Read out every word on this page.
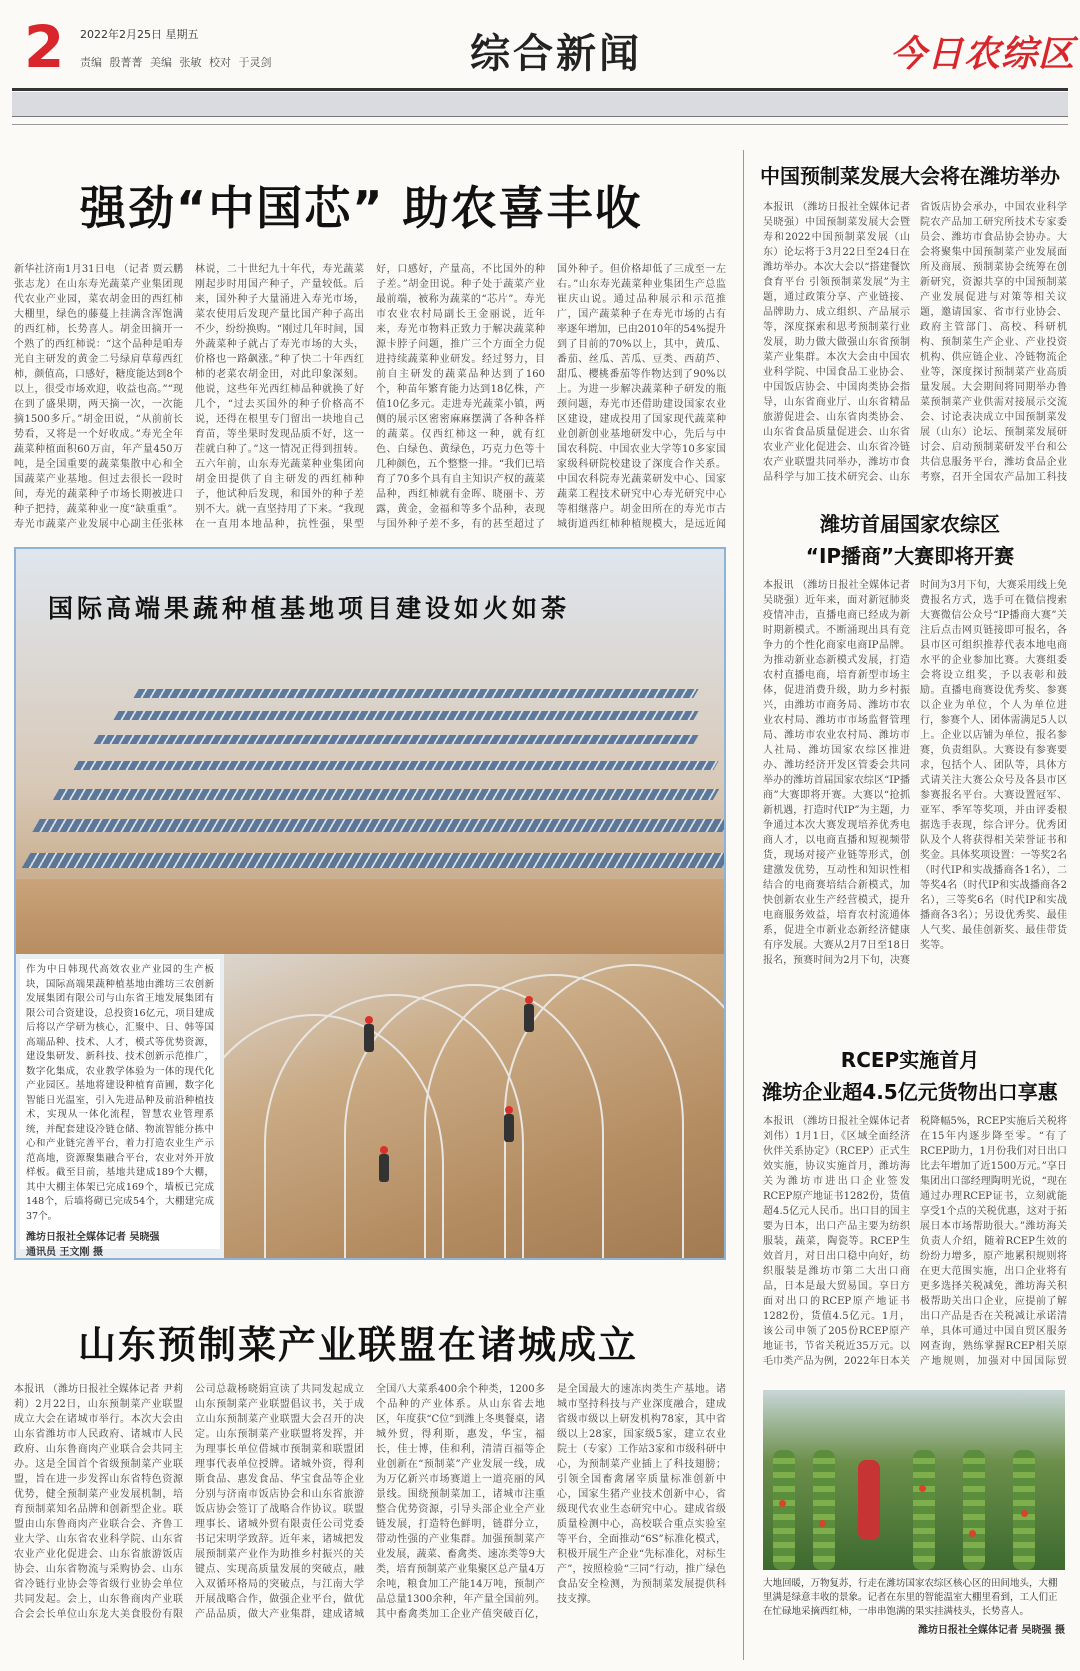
2 2022年2月25日 星期五
责编 殷菁菁 美编 张敏 校对 于灵剑	综合新闻	今日农综区
强劲“中国芯” 助农喜丰收
新华社济南1月31日电 （记者 贾云鹏 张志龙）在山东寿光蔬菜产业集团现代农业产业园，菜农胡金田的西红柿大棚里，绿色的藤蔓上挂满含浑饱满的西红柿，长势喜人。胡金田摘开一个熟了的西红柿说：“这个品种是咱寿光自主研发的黄金二号绿肩草莓西红柿，颜值高，口感好，糖度能达到8个以上，很受市场欢迎，收益也高。”“现在到了盛果期，两天摘一次，一次能摘1500多斤。”胡金田说，“从前前长势看，又将是一个好收成。”寿光全年蔬菜种植面积60万亩，年产量450万吨，是全国重要的蔬菜集散中心和全国蔬菜产业基地。但过去很长一段时间，寿光的蔬菜种子市场长期被进口种子把持，蔬菜种业一度“缺重重”。寿光市蔬菜产业发展中心副主任张林林说，二十世纪九十年代，寿光蔬菜刚起步时用国产种子，产量较低。后来，国外种子大量涌进入寿光市场，菜农使用后发现产量比国产种子高出不少，纷纷换购。“刚过几年时间，国外蔬菜种子就占了寿光市场的大头，价格也一路飙涨。”种了快二十年西红柿的老菜农胡金田，对此印象深刻。他说，这些年光西红柿品种就换了好几个，“过去买国外的种子价格高不说，还得在根里专门留出一块地自己育苗，等坐果时发现品质不好，这一茬就白种了。”这一情况正得到扭转。五六年前，山东寿光蔬菜种业集团向胡金田提供了自主研发的西红柿种子，他试种后发现，和国外的种子差别不大。就一直坚持用了下来。“我现在一直用本地品种，抗性强，果型好，口感好，产量高，不比国外的种子差。”胡金田说。种子处于蔬菜产业最前端，被称为蔬菜的“芯片”。寿光市农业农村局副长王金丽说，近年来，寿光市物料正致力于解决蔬菜种源卡脖子问题，推广三个方面全力促进持续蔬菜种业研发。经过努力，目前自主研发的蔬菜品种达到了160个，种苗年繁育能力达到18亿株，产值10亿多元。走进寿光蔬菜小镇，两侧的展示区密密麻麻摆满了各种各样的蔬菜。仅西红柿这一种，就有红色、白绿色、黄绿色，巧克力色等十几种颜色，五个整整一排。“我们已培育了70多个具有自主知识产权的蔬菜品种，西红柿就有金晖、晓丽卡、芳露，黄金，金福和等多个品种，表现与国外种子差不多，有的甚至超过了国外种子。但价格却低了三成至一左右。”山东寿光蔬菜种业集团生产总监崔庆山说。通过品种展示和示范推广，国产蔬菜种子在寿光市场的占有率逐年增加，已由2010年的54%提升到了目前的70%以上，其中，黄瓜、番茄、丝瓜、苦瓜、豆类、西葫芦、甜瓜、樱桃番茄等作物达到了90%以上。为进一步解决蔬菜种子研发的瓶颈问题，寿光市还借助建设国家农业区建设，建成投用了国家现代蔬菜种业创新创业基地研发中心，先后与中国农科院、中国农业大学等10多家国家级科研院校建设了深度合作关系。中国农科院寿光蔬菜研发中心、国家蔬菜工程技术研究中心寿光研究中心等相继落户。胡金田所在的寿光市古城街道西红柿种植规模大，是远近闻
国际高端果蔬种植基地项目建设如火如荼
作为中日韩现代高效农业产业园的生产板块，国际高端果蔬种植基地由潍坊三农创新发展集团有限公司与山东省王地发展集团有限公司合资建设，总投资16亿元，项目建成后将以产学研为核心，汇聚中、日、韩等国高端品种、技术、人才，模式等优势资源，建设集研发、新科技、技术创新示范推广，数字化集成，农业教学体验为一体的现代化产业园区。基地将建设种植育苗圃，数字化智能日光温室，引入先进品种及前沿种植技术，实现从一体化流程，智慧农业管理系统，并配套建设冷链仓储、物流智能分拣中心和产业链完善平台，着力打造农业生产示范高地，资源聚集融合平台，农业对外开放样板。截至目前，基地共建成189个大棚，其中大棚主体架已完成169个，墙板已完成148个，后墙将砌已完成54个，大棚建完成37个。
潍坊日报社全媒体记者 吴晓强
通讯员 王文刚 摄
山东预制菜产业联盟在诸城成立
本报讯 （潍坊日报社全媒体记者 尹莉莉）2月22日，山东预制菜产业联盟成立大会在诸城市举行。本次大会由山东省潍坊市人民政府、诸城市人民政府、山东鲁商肉产业联合会共同主办。这是全国首个省级预制菜产业联盟，旨在进一步发挥山东省特色资源优势，健全预制菜产业发展机制，培育预制菜知名品牌和创新型企业。联盟由山东鲁商肉产业联合会、齐鲁工业大学、山东省农业科学院、山东省农业产业化促进会、山东省旅游饭店协会、山东省物流与采购协会、山东省冷链行业协会等省级行业协会单位共同发起。会上，山东鲁商肉产业联合会会长单位山东龙大美食股份有限公司总裁杨晓娟宣读了共同发起成立山东预制菜产业联盟倡议书，关于成立山东预制菜产业联盟大会召开的决定。山东预制菜产业联盟将发挥，并为理事长单位借城市预制菜和联盟团理事代表单位授牌。诸城外资，得利斯食品、惠发食品、华宝食品等企业分别与济南市饭店协会和山东省旅游饭店协会签订了战略合作协议。联盟理事长、诸城外贸有限责任公司党委书记宋明学致辞。近年来，诸城把发展预制菜产业作为助推乡村振兴的关键点、实现高质量发展的突破点，融入双循环格局的突破点，与江南大学开展战略合作，做强企业平台，做优产品品质，做大产业集群，建成诸城全国八大菜系400余个种类，1200多个品种的产业体系。从山东省去地区，年度获“C位”到潍上冬奥餐桌，诸城外贸，得利斯，惠发，华宝，福长，佳士博，佳和利，清清百福等企业创新在“预制菜”产业发展一线，成为万亿新兴市场赛道上一道亮丽的风景线。围绕预制菜加工，诸城市注重整合优势资源，引导头部企业全产业链发展，打造特色鲜明，链群分立，带动性强的产业集群。加强预制菜产业发展，蔬菜、畜禽类、速冻类等9大类，培育预制菜产业集聚区总产量4万余吨，粮食加工产能14万吨，预制产品总量1300余种，年产量全国前列。其中畜禽类加工企业产值突破百亿，是全国最大的速冻肉类生产基地。诸城市坚持科技与产业深度融合，建成省级市级以上研发机构78家，其中省级以上28家，国家级5家，建立农业院士（专家）工作站3家和市级科研中心，为预制菜产业插上了科技翅膀；引领全国畜禽屠宰质量标准创新中心，国家生猪产业技术创新中心，省级现代农业生态研究中心。建成省级质量检测中心，高校联合重点实验室等平台，全面推动“6S”标准化模式，积极开展生产企业“先标准化，对标生产”，按照检验“三同”行动，推广绿色食品安全检测，为预制菜发展提供科技支撑。
中国预制菜发展大会将在潍坊举办
本报讯 （潍坊日报社全媒体记者 吴晓强）中国预制菜发展大会暨寿和2022中国预制菜发展（山东）论坛将于3月22日至24日在潍坊举办。本次大会以“搭建餐饮食育平台 引领预制菜发展”为主题，通过政策分享、产业链接、品牌助力、成立组织、产品展示等，深度探索和思考预制菜行业发展，助力做大做强山东省预制菜产业集群。本次大会由中国农业科学院、中国食品工业协会、中国饭店协会、中国肉类协会指导，山东省商业厅、山东省精品旅游促进会、山东省肉类协会、山东省食品质量促进会、山东省农业产业化促进会、山东省冷链农产业联盟共同举办，潍坊市食品科学与加工技术研究会、山东省饭店协会承办，中国农业科学院农产品加工研究所技术专家委员会、潍坊市食品协会协办。大会将聚集中国预制菜产业发展面所及商展、预制菜协会统筹在创新研究，资源共享的中国预制菜产业发展促进与对策等相关议题，邀请国家、省市行业协会、政府主管部门、高校、科研机构、预制菜生产企业、产业投资机构、供应链企业、冷链物流企业等，深度探讨预制菜产业高质量发展。大会期间将同期举办鲁菜预制菜产业供需对接展示交流会、讨论表决成立中国预制菜发展（山东）论坛、预制菜发展研讨会、启动预制菜研发平台和公共信息服务平台，潍坊食品企业考察，召开全国农产品加工科技
潍坊首届国家农综区
“IP播商”大赛即将开赛
本报讯 （潍坊日报社全媒体记者 吴晓强）近年来，面对新冠肺炎疫情冲击，直播电商已经成为新时期新模式。不断涌现出具有竞争力的个性化商家电商IP品牌。为推动新业态新模式发展，打造农村直播电商，培育新型市场主体，促进消费升级，助力乡村振兴，由潍坊市商务局、潍坊市农业农村局、潍坊市市场监督管理局、潍坊市农业农村局、潍坊市人社局、潍坊国家农综区推进办、潍坊经济开发区管委会共同举办的潍坊首届国家农综区“IP播商”大赛即将开赛。大赛以“抢抓新机遇，打造时代IP”为主题，力争通过本次大赛发现培养优秀电商人才，以电商直播和短视频带货，现场对接产业链等形式，创建激发优势，互动性和知识性相结合的电商赛培结合新模式，加快创新农业生产经营模式，提升电商服务效益，培育农村流通体系，促进全市新业态新经济健康有序发展。大赛从2月7日至18日报名，预赛时间为2月下旬，决赛时间为3月下旬，大赛采用线上免费报名方式，选手可在微信搜索大赛微信公众号“IP播商大赛”关注后点击网页链接即可报名，各县市区可组织推荐代表本地电商水平的企业参加比赛。大赛组委会将设立组奖，予以表彰和鼓励。直播电商赛设优秀奖、参赛以企业为单位，个人为单位进行，参赛个人、团体需满足5人以上。企业以店铺为单位，报名参赛，负责组队。大赛设有参赛要求，包括个人、团队等，具体方式请关注大赛公众号及各县市区参赛报名平台。大赛设置冠军、亚军、季军等奖项，并由评委根据选手表现，综合评分。优秀团队及个人将获得相关荣誉证书和奖金。具体奖项设置：一等奖2名（时代IP和实战播商各1名），二等奖4名（时代IP和实战播商各2名），三等奖6名（时代IP和实战播商各3名）；另设优秀奖、最佳人气奖、最佳创新奖、最佳带货奖等。
RCEP实施首月
潍坊企业超4.5亿元货物出口享惠
本报讯 （潍坊日报社全媒体记者 刘伟）1月1日，《区域全面经济伙伴关系协定》（RCEP）正式生效实施，协议实施首月，潍坊海关为潍坊市进出口企业签发RCEP原产地证书1282份，货值超4.5亿元人民币。出口目的国主要为日本，出口产品主要为纺织服装，蔬菜，陶瓷等。RCEP生效首月，对日出口稳中向好，纺织服装是潍坊市第二大出口商品，日本是最大贸易国。享日方面对出口的RCEP原产地证书1282份，货值4.5亿元。1月，该公司申领了205份RCEP原产地证书，节省关税近35万元。以毛巾类产品为例，2022年日本关税降幅5%，RCEP实施后关税将在15年内逐步降至零。“有了RCEP助力，1月份我们对日出口比去年增加了近1500万元。”享日集团出口部经理陶明光说，“现在通过办理RCEP证书，立刻就能享受1个点的关税优惠，这对于拓展日本市场帮助很大。”潍坊海关负责人介绍，随着RCEP生效的纷纷力增多，原产地累积规则将在更大范围实施，出口企业将有更多选择关税减免，潍坊海关积极帮助关出口企业，应提前了解出口产品是否在关税减让承诺清单，具体可通过中国自贸区服务网查询，熟练掌握RCEP相关原产地规则，加强对中国国际贸
大地回暖，万物复苏，行走在潍坊国家农综区核心区的田间地头，大棚里满是绿意丰收的景象。记者在东里的智能温室大棚里看到，工人们正在忙碌地采摘西红柿，一串串饱满的果实挂满枝头，长势喜人。
潍坊日报社全媒体记者 吴晓强 摄
